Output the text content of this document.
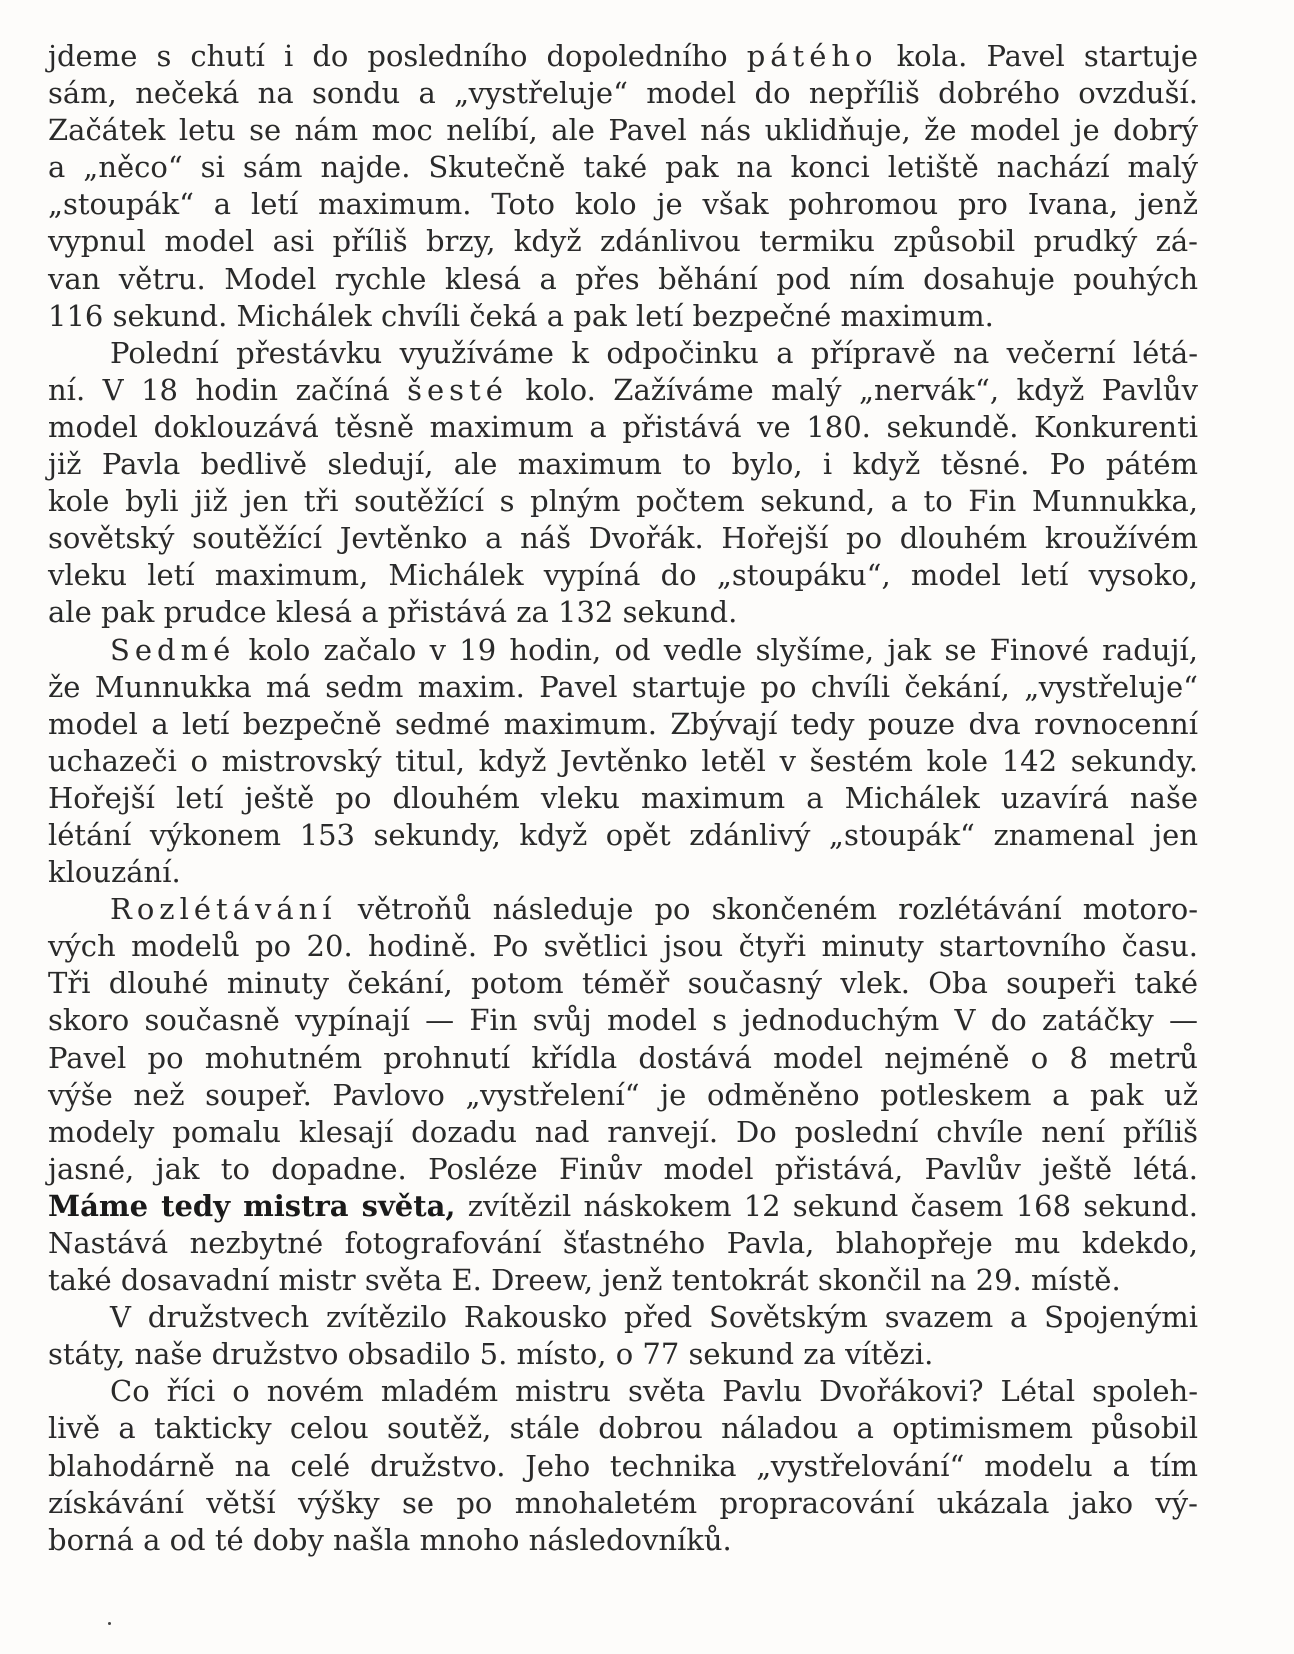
jdeme s chutí i do posledního dopoledního pátého kola. Pavel startuje
sám, nečeká na sondu a „vystřeluje“ model do nepříliš dobrého ovzduší.
Začátek letu se nám moc nelíbí, ale Pavel nás uklidňuje, že model je dobrý
a „něco“ si sám najde. Skutečně také pak na konci letiště nachází malý
„stoupák“ a letí maximum. Toto kolo je však pohromou pro Ivana, jenž
vypnul model asi příliš brzy, když zdánlivou termiku způsobil prudký zá-
van větru. Model rychle klesá a přes běhání pod ním dosahuje pouhých
116 sekund. Michálek chvíli čeká a pak letí bezpečné maximum.
Polední přestávku využíváme k odpočinku a přípravě na večerní létá-
ní. V 18 hodin začíná šesté kolo. Zažíváme malý „nervák“, když Pavlův
model doklouzává těsně maximum a přistává ve 180. sekundě. Konkurenti
již Pavla bedlivě sledují, ale maximum to bylo, i když těsné. Po pátém
kole byli již jen tři soutěžící s plným počtem sekund, a to Fin Munnukka,
sovětský soutěžící Jevtěnko a náš Dvořák. Hořejší po dlouhém kroužívém
vleku letí maximum, Michálek vypíná do „stoupáku“, model letí vysoko,
ale pak prudce klesá a přistává za 132 sekund.
Sedmé kolo začalo v 19 hodin, od vedle slyšíme, jak se Finové radují,
že Munnukka má sedm maxim. Pavel startuje po chvíli čekání, „vystřeluje“
model a letí bezpečně sedmé maximum. Zbývají tedy pouze dva rovnocenní
uchazeči o mistrovský titul, když Jevtěnko letěl v šestém kole 142 sekundy.
Hořejší letí ještě po dlouhém vleku maximum a Michálek uzavírá naše
létání výkonem 153 sekundy, když opět zdánlivý „stoupák“ znamenal jen
klouzání.
Rozlétávání větroňů následuje po skončeném rozlétávání motoro-
vých modelů po 20. hodině. Po světlici jsou čtyři minuty startovního času.
Tři dlouhé minuty čekání, potom téměř současný vlek. Oba soupeři také
skoro současně vypínají — Fin svůj model s jednoduchým V do zatáčky —
Pavel po mohutném prohnutí křídla dostává model nejméně o 8 metrů
výše než soupeř. Pavlovo „vystřelení“ je odměněno potleskem a pak už
modely pomalu klesají dozadu nad ranvejí. Do poslední chvíle není příliš
jasné, jak to dopadne. Posléze Finův model přistává, Pavlův ještě létá.
Máme tedy mistra světa, zvítězil náskokem 12 sekund časem 168 sekund.
Nastává nezbytné fotografování šťastného Pavla, blahopřeje mu kdekdo,
také dosavadní mistr světa E. Dreew, jenž tentokrát skončil na 29. místě.
V družstvech zvítězilo Rakousko před Sovětským svazem a Spojenými
státy, naše družstvo obsadilo 5. místo, o 77 sekund za vítězi.
Co říci o novém mladém mistru světa Pavlu Dvořákovi? Létal spoleh-
livě a takticky celou soutěž, stále dobrou náladou a optimismem působil
blahodárně na celé družstvo. Jeho technika „vystřelování“ modelu a tím
získávání větší výšky se po mnohaletém propracování ukázala jako vý-
borná a od té doby našla mnoho následovníků.
